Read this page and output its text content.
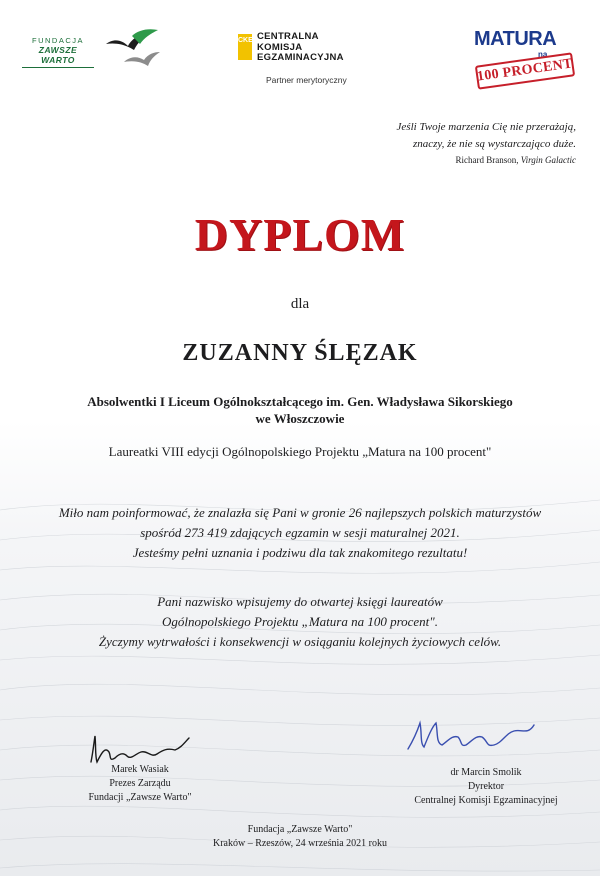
FUNDACJA
ZAWSZE WARTO
CKE CENTRALNA
KOMISJA
EGZAMINACYJNA
Partner merytoryczny
MATURA
na
100 PROCENT
Jeśli Twoje marzenia Cię nie przerażają,
znaczy, że nie są wystarczająco duże.
Richard Branson, Virgin Galactic
DYPLOM
dla
ZUZANNY ŚLĘZAK
Absolwentki I Liceum Ogólnokształcącego im. Gen. Władysława Sikorskiego
we Włoszczowie
Laureatki VIII edycji Ogólnopolskiego Projektu „Matura na 100 procent"
Miło nam poinformować, że znalazła się Pani w gronie 26 najlepszych polskich maturzystów
spośród 273 419 zdających egzamin w sesji maturalnej 2021.
Jesteśmy pełni uznania i podziwu dla tak znakomitego rezultatu!
Pani nazwisko wpisujemy do otwartej księgi laureatów
Ogólnopolskiego Projektu „Matura na 100 procent".
Życzymy wytrwałości i konsekwencji w osiąganiu kolejnych życiowych celów.
Marek Wasiak
Prezes Zarządu
Fundacji „Zawsze Warto"
dr Marcin Smolik
Dyrektor
Centralnej Komisji Egzaminacyjnej
Fundacja „Zawsze Warto"
Kraków – Rzeszów, 24 września 2021 roku
